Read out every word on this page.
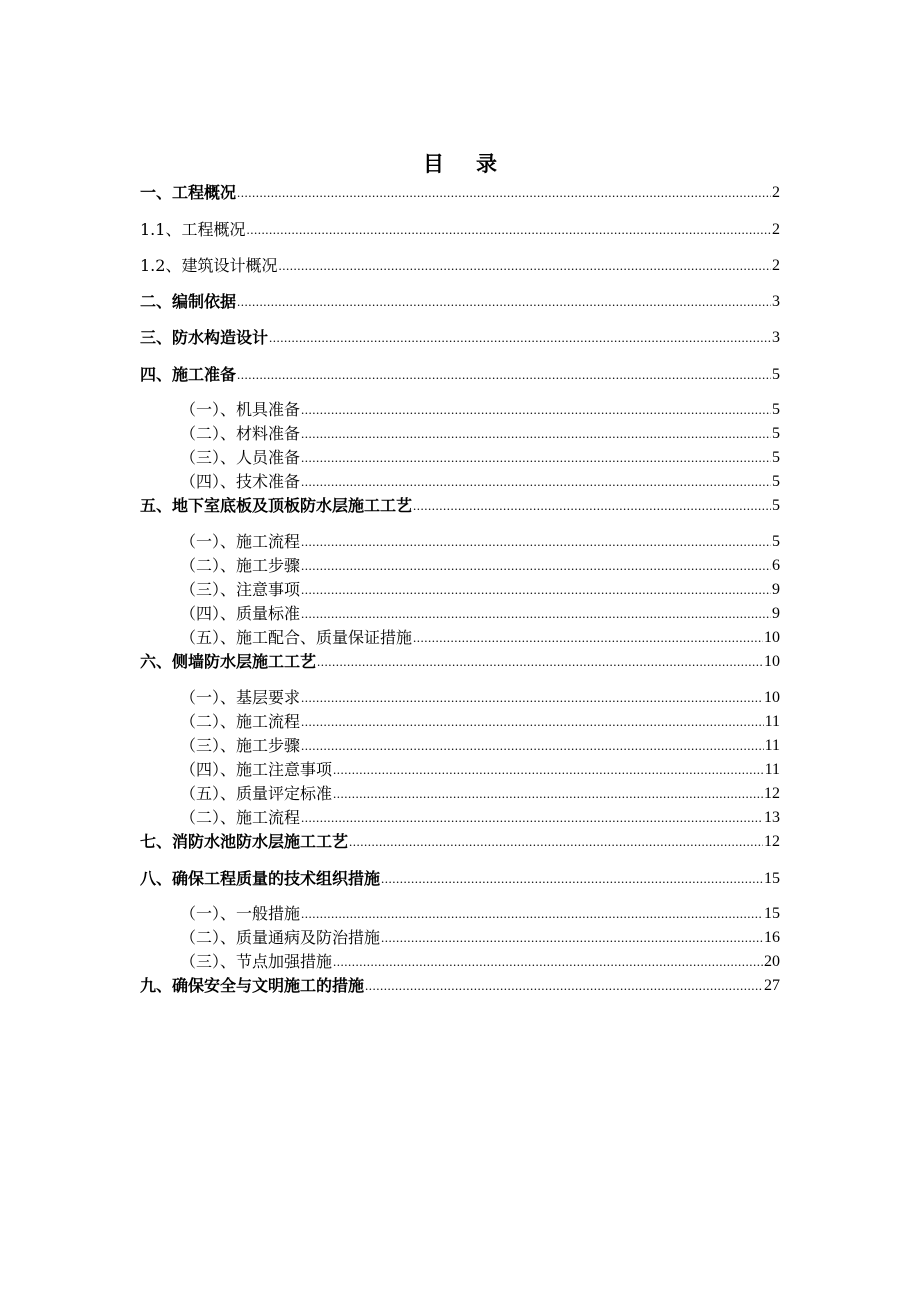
目 录
一、 工程概况 .....	2
1.1、 工程概况 .....	2
1.2、 建筑设计概况 .....	2
二、 编制依据 .....	3
三、 防水构造设计 .....	3
四、 施工准备 .....	5
（一）、 机具准备 .....	5
（二）、 材料准备 .....	5
（三）、 人员准备 .....	5
（四）、 技术准备 .....	5
五、 地下室底板及顶板防水层施工工艺 .....	5
（一）、 施工流程 .....	5
（二）、 施工步骤 .....	6
（三）、 注意事项 .....	9
（四）、 质量标准 .....	9
（五）、 施工配合、质量保证措施 .....	10
六、 侧墙防水层施工工艺 .....	10
（一）、 基层要求 .....	10
（二）、 施工流程 .....	11
（三）、 施工步骤 .....	11
（四）、 施工注意事项 .....	11
（五）、 质量评定标准 .....	12
（二）、 施工流程 .....	13
七、 消防水池防水层施工工艺 .....	12
八、 确保工程质量的技术组织措施 .....	15
（一）、 一般措施 .....	15
（二）、 质量通病及防治措施 .....	16
（三）、 节点加强措施 .....	20
九、 确保安全与文明施工的措施 .....	27
